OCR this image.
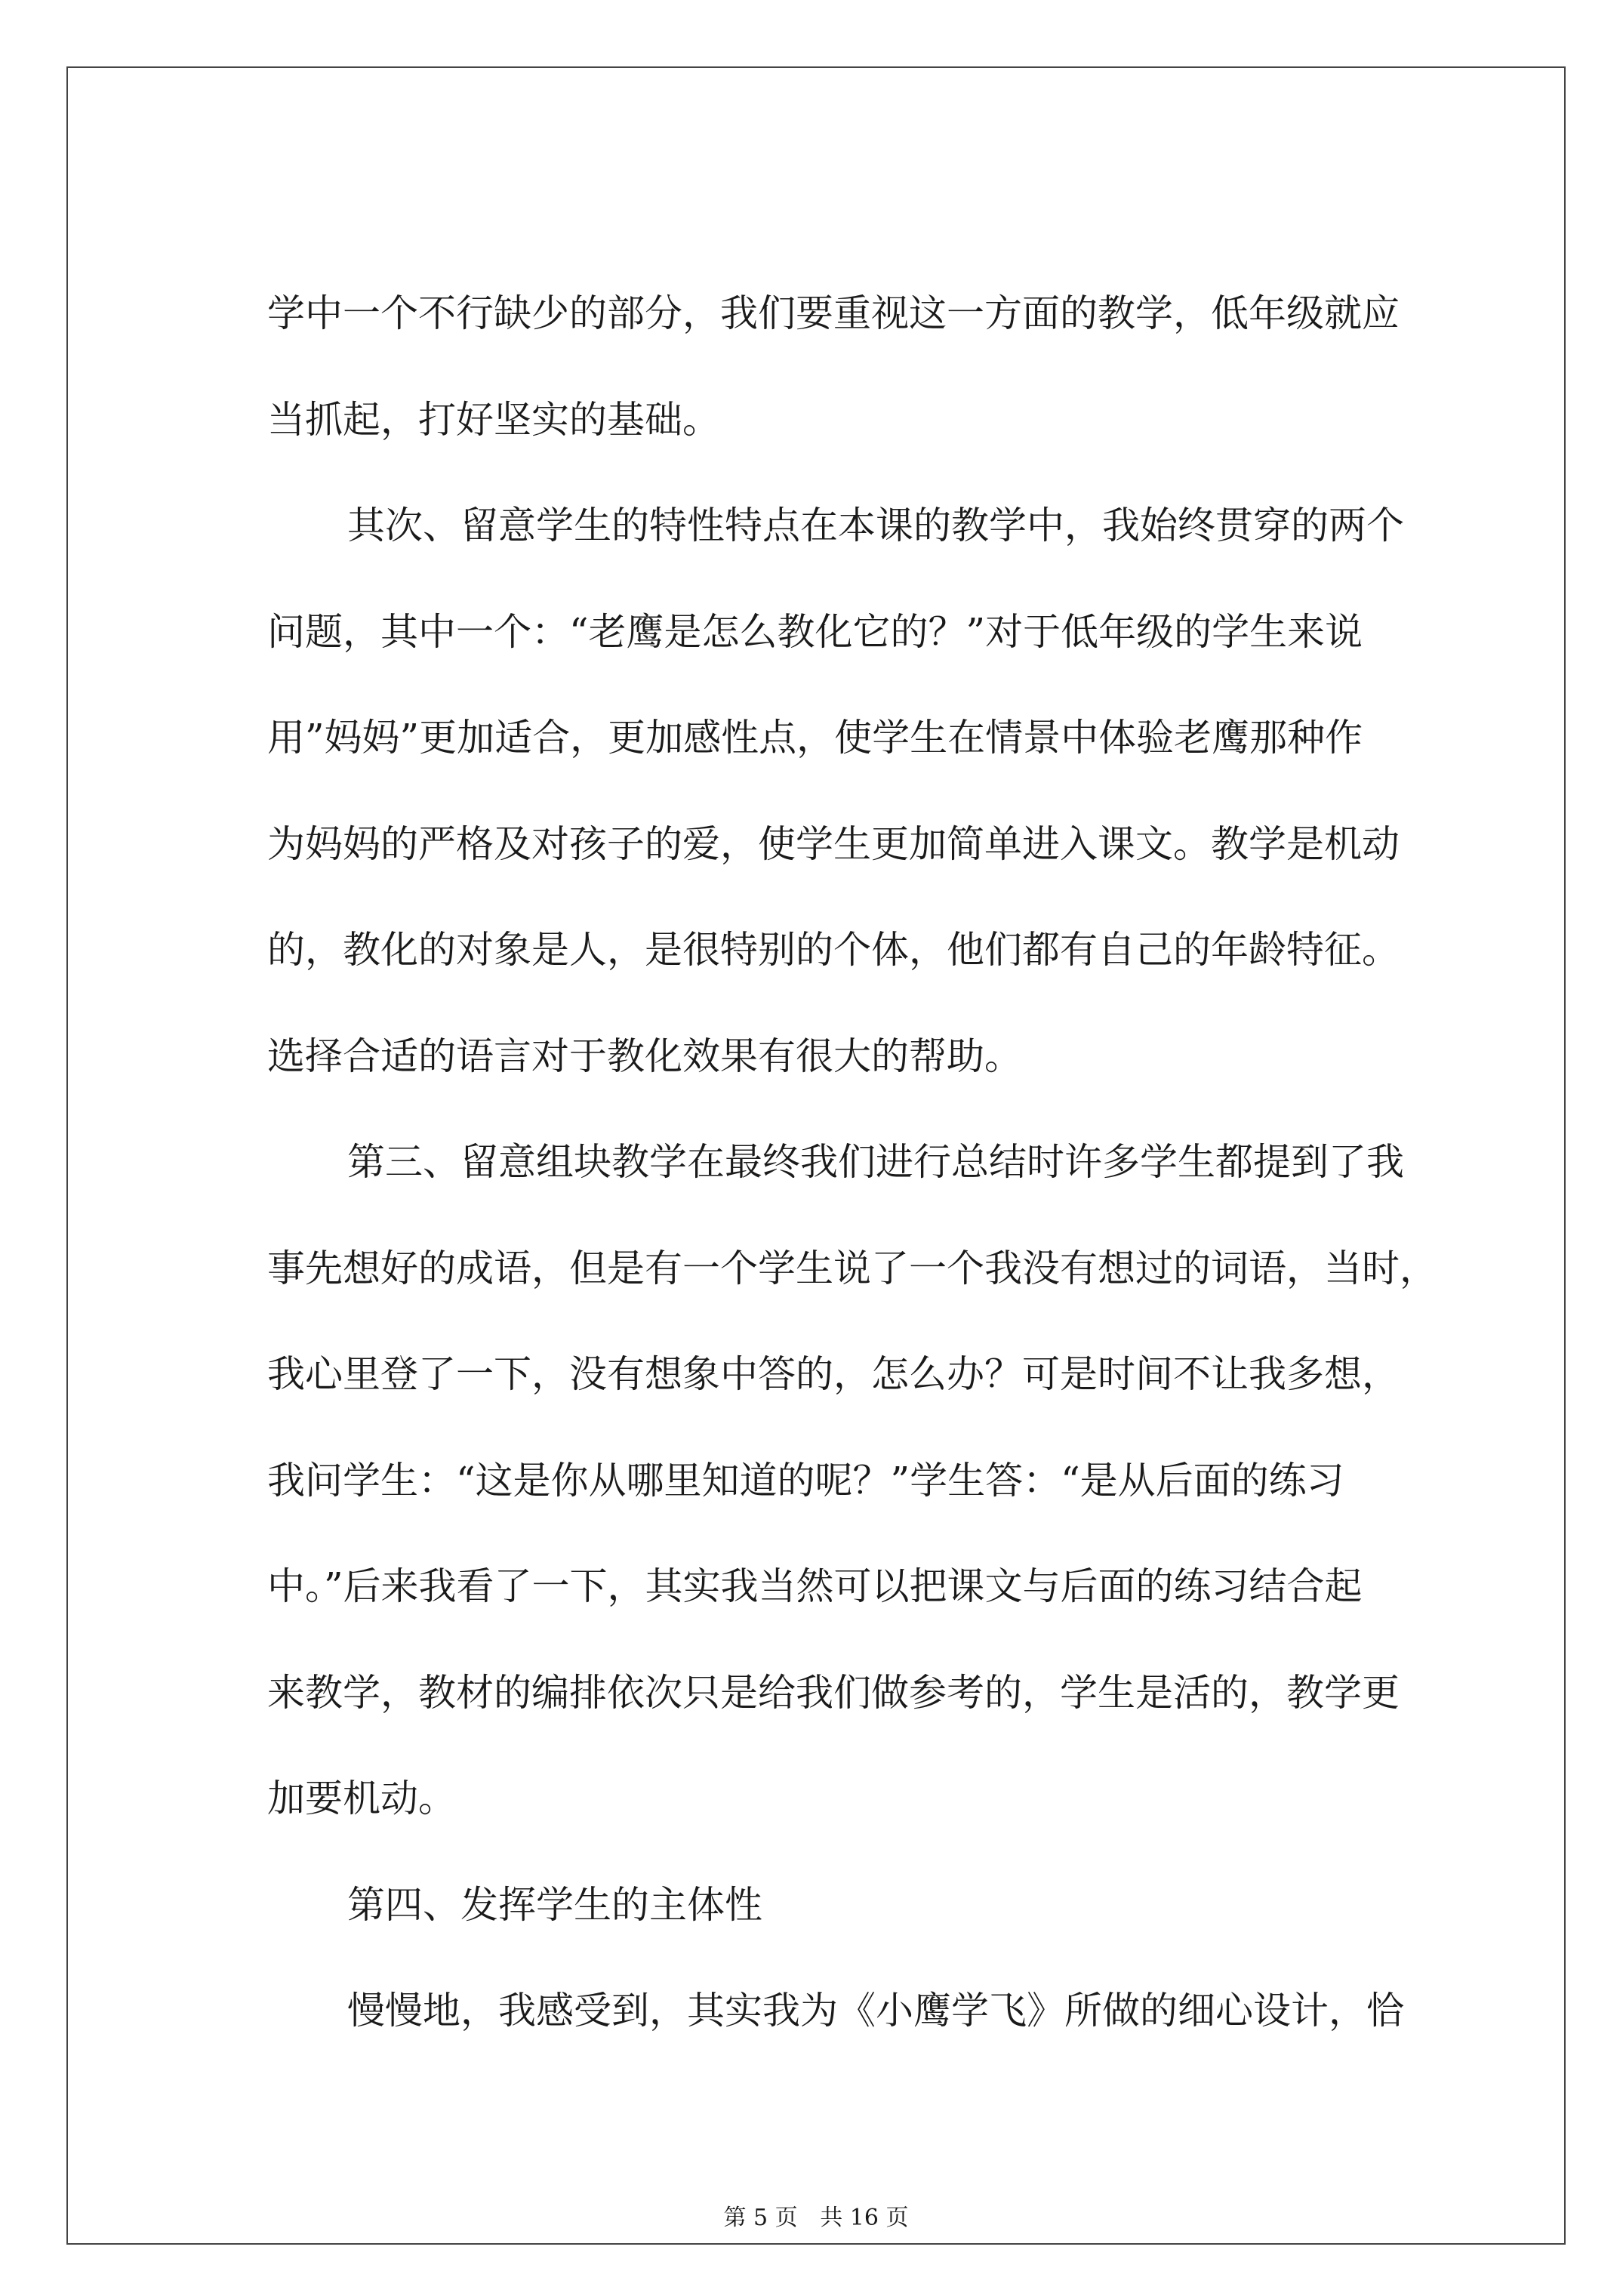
学中一个不行缺少的部分，我们要重视这一方面的教学，低年级就应
当抓起，打好坚实的基础。
其次、留意学生的特性特点在本课的教学中，我始终贯穿的两个
问题，其中一个：“老鹰是怎么教化它的？”对于低年级的学生来说
用”妈妈”更加适合，更加感性点，使学生在情景中体验老鹰那种作
为妈妈的严格及对孩子的爱，使学生更加简单进入课文。教学是机动
的，教化的对象是人，是很特别的个体，他们都有自己的年龄特征。
选择合适的语言对于教化效果有很大的帮助。
第三、留意组块教学在最终我们进行总结时许多学生都提到了我
事先想好的成语，但是有一个学生说了一个我没有想过的词语，当时，
我心里登了一下，没有想象中答的，怎么办？可是时间不让我多想，
我问学生：“这是你从哪里知道的呢？”学生答：“是从后面的练习
中。”后来我看了一下，其实我当然可以把课文与后面的练习结合起
来教学，教材的编排依次只是给我们做参考的，学生是活的，教学更
加要机动。
第四、发挥学生的主体性
慢慢地，我感受到，其实我为《小鹰学飞》所做的细心设计，恰
第 5 页 共 16 页
